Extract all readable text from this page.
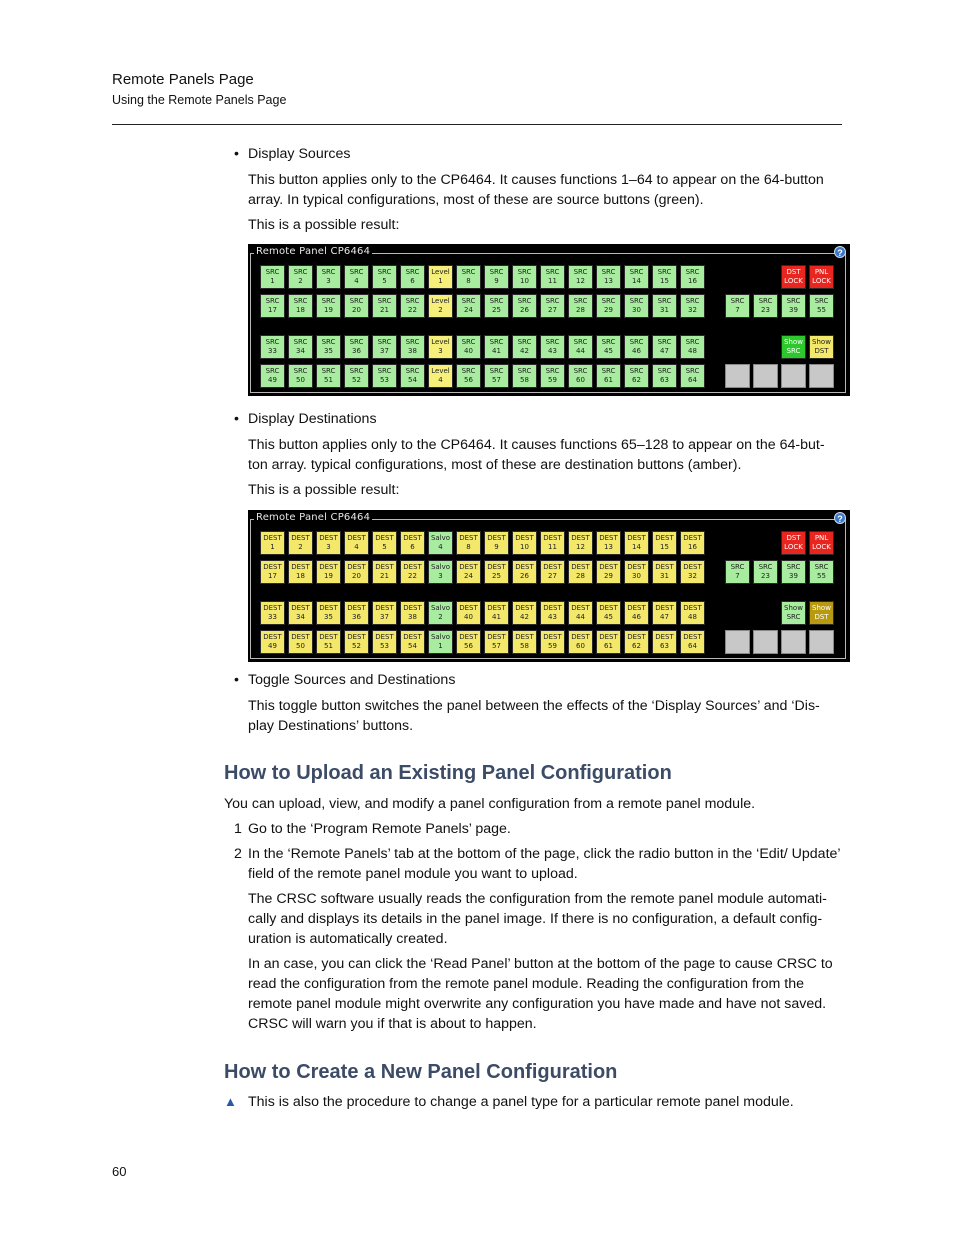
Remote Panels Page
Using the Remote Panels Page
• Display Sources
This button applies only to the CP6464. It causes functions 1–64 to appear on the 64-button array. In typical configurations, most of these are source buttons (green).
This is a possible result:
Remote Panel CP6464	?
SRC
1
SRC
2
SRC
3
SRC
4
SRC
5
SRC
6
Level
1
SRC
8
SRC
9
SRC
10
SRC
11
SRC
12
SRC
13
SRC
14
SRC
15
SRC
16
SRC
17
SRC
18
SRC
19
SRC
20
SRC
21
SRC
22
Level
2
SRC
24
SRC
25
SRC
26
SRC
27
SRC
28
SRC
29
SRC
30
SRC
31
SRC
32
SRC
33
SRC
34
SRC
35
SRC
36
SRC
37
SRC
38
Level
3
SRC
40
SRC
41
SRC
42
SRC
43
SRC
44
SRC
45
SRC
46
SRC
47
SRC
48
SRC
49
SRC
50
SRC
51
SRC
52
SRC
53
SRC
54
Level
4
SRC
56
SRC
57
SRC
58
SRC
59
SRC
60
SRC
61
SRC
62
SRC
63
SRC
64
DST
LOCK
PNL
LOCK
SRC
7
SRC
23
SRC
39
SRC
55
Show
SRC
Show
DST
• Display Destinations
This button applies only to the CP6464. It causes functions 65–128 to appear on the 64-but-ton array. typical configurations, most of these are destination buttons (amber).
This is a possible result:
Remote Panel CP6464	?
DEST
1
DEST
2
DEST
3
DEST
4
DEST
5
DEST
6
Salvo
4
DEST
8
DEST
9
DEST
10
DEST
11
DEST
12
DEST
13
DEST
14
DEST
15
DEST
16
DEST
17
DEST
18
DEST
19
DEST
20
DEST
21
DEST
22
Salvo
3
DEST
24
DEST
25
DEST
26
DEST
27
DEST
28
DEST
29
DEST
30
DEST
31
DEST
32
DEST
33
DEST
34
DEST
35
DEST
36
DEST
37
DEST
38
Salvo
2
DEST
40
DEST
41
DEST
42
DEST
43
DEST
44
DEST
45
DEST
46
DEST
47
DEST
48
DEST
49
DEST
50
DEST
51
DEST
52
DEST
53
DEST
54
Salvo
1
DEST
56
DEST
57
DEST
58
DEST
59
DEST
60
DEST
61
DEST
62
DEST
63
DEST
64
DST
LOCK
PNL
LOCK
SRC
7
SRC
23
SRC
39
SRC
55
Show
SRC
Show
DST
• Toggle Sources and Destinations
This toggle button switches the panel between the effects of the ‘Display Sources’ and ‘Dis-play Destinations’ buttons.
How to Upload an Existing Panel Configuration
You can upload, view, and modify a panel configuration from a remote panel module.
1 Go to the ‘Program Remote Panels’ page.
2 In the ‘Remote Panels’ tab at the bottom of the page, click the radio button in the ‘Edit/ Update’ field of the remote panel module you want to upload.
The CRSC software usually reads the configuration from the remote panel module automati-cally and displays its details in the panel image. If there is no configuration, a default config-uration is automatically created.
In an case, you can click the ‘Read Panel’ button at the bottom of the page to cause CRSC to read the configuration from the remote panel module. Reading the configuration from the remote panel module might overwrite any configuration you have made and have not saved. CRSC will warn you if that is about to happen.
How to Create a New Panel Configuration
▲ This is also the procedure to change a panel type for a particular remote panel module.
60
